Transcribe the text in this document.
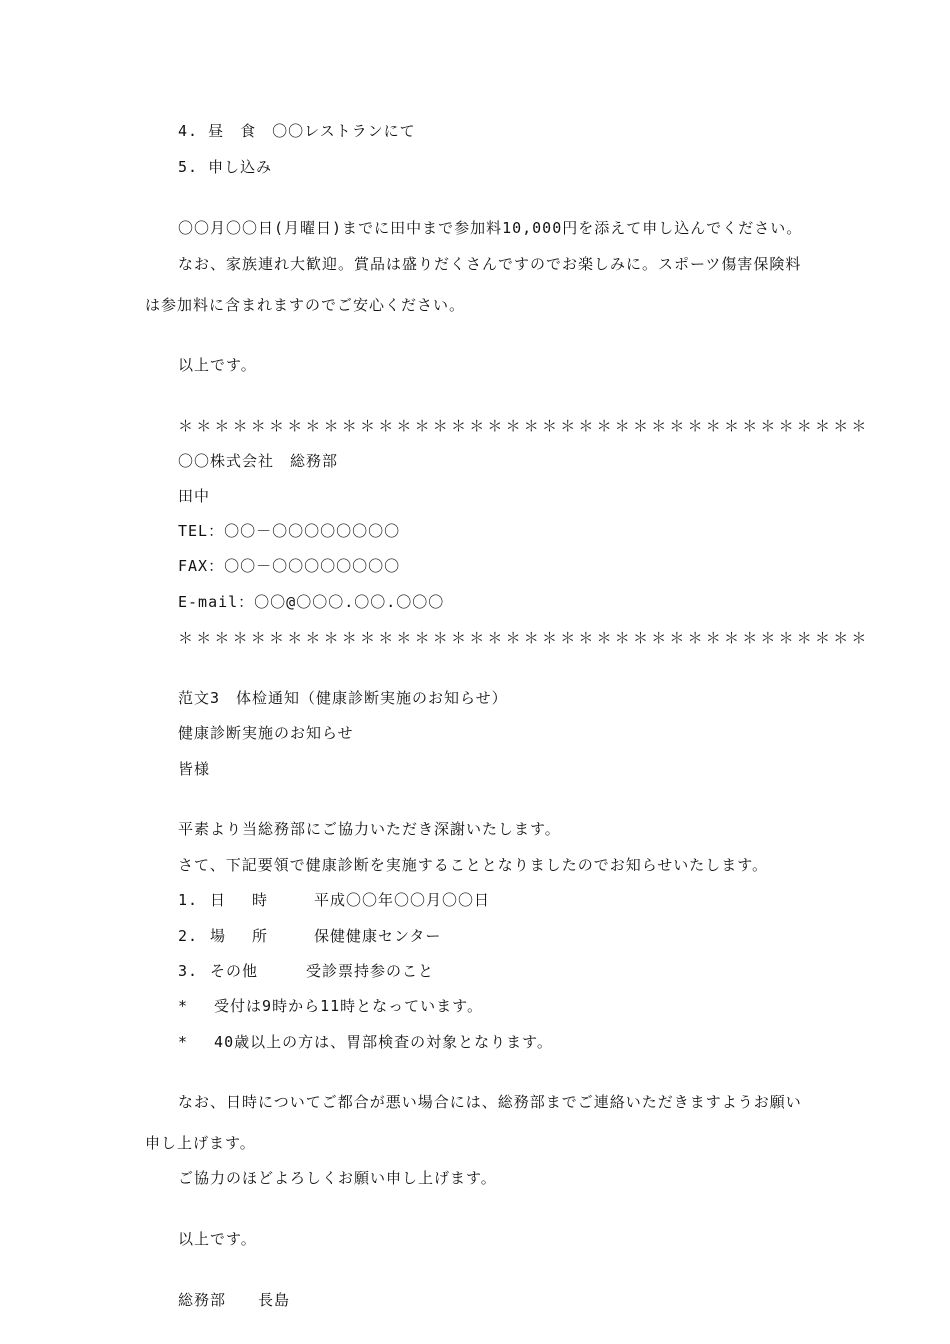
4. 昼　食　〇〇レストランにて
5. 申し込み
〇〇月〇〇日(月曜日)までに田中まで参加料10,000円を添えて申し込んでください。
なお、家族連れ大歓迎。賞品は盛りだくさんですのでお楽しみに。スポーツ傷害保険料
は参加料に含まれますのでご安心ください。
以上です。
＊＊＊＊＊＊＊＊＊＊＊＊＊＊＊＊＊＊＊＊＊＊＊＊＊＊＊＊＊＊＊＊＊＊＊＊＊＊
〇〇株式会社　総務部
田中
TEL：〇〇－〇〇〇〇〇〇〇〇
FAX：〇〇－〇〇〇〇〇〇〇〇
E-mail：〇〇@〇〇〇.〇〇.〇〇〇
＊＊＊＊＊＊＊＊＊＊＊＊＊＊＊＊＊＊＊＊＊＊＊＊＊＊＊＊＊＊＊＊＊＊＊＊＊＊
范文3　体检通知（健康診断実施のお知らせ）
健康診断実施のお知らせ
皆様
平素より当総務部にご協力いただき深謝いたします。
さて、下記要領で健康診断を実施することとなりましたのでお知らせいたします。
1. 日　 時	平成〇〇年〇〇月〇〇日
2. 場　 所	保健健康センター
3. その他	受診票持参のこと
*　 受付は9時から11時となっています。
*　 40歳以上の方は、胃部検査の対象となります。
なお、日時についてご都合が悪い場合には、総務部までご連絡いただきますようお願い
申し上げます。
ご協力のほどよろしくお願い申し上げます。
以上です。
総務部　　長島
